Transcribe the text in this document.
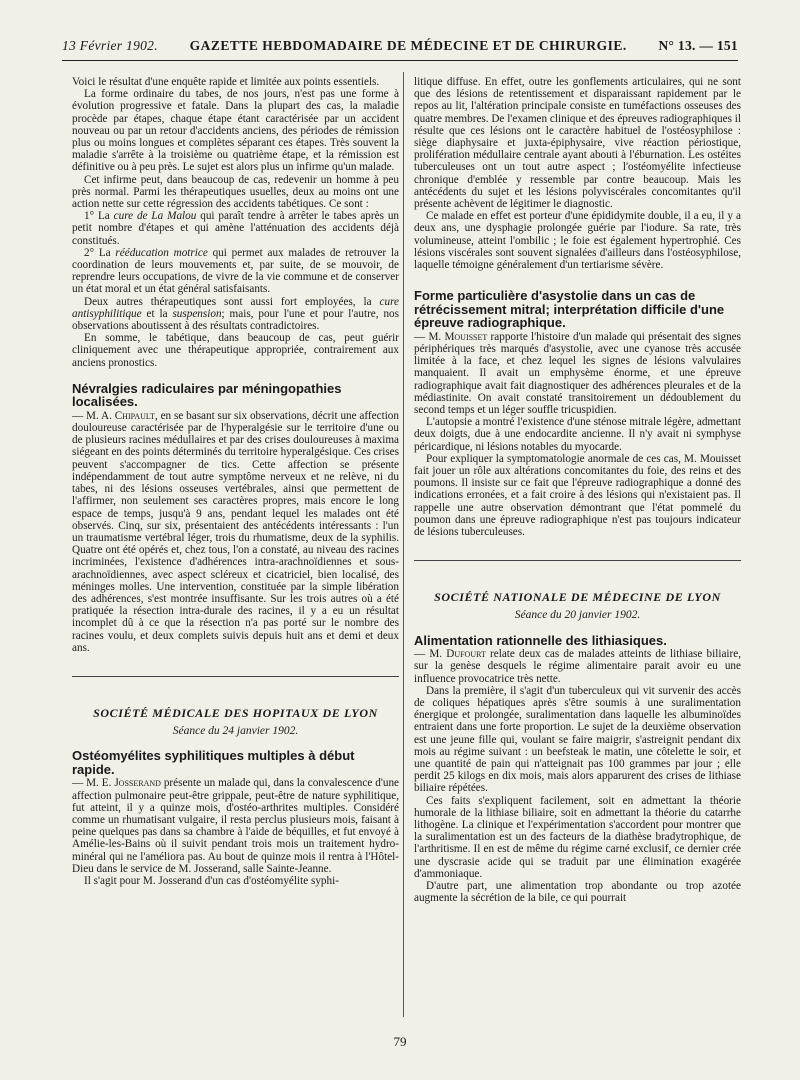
13 Février 1902. GAZETTE HEBDOMADAIRE DE MÉDECINE ET DE CHIRURGIE. N° 13. — 151

Voici le résultat d'une enquête rapide et limitée aux points essentiels.

La forme ordinaire du tabes, de nos jours, n'est pas une forme à évolution progressive et fatale. Dans la plupart des cas, la maladie procède par étapes, chaque étape étant caractérisée par un accident nouveau ou par un retour d'accidents anciens, des périodes de rémission plus ou moins longues et complètes séparant ces étapes. Très souvent la maladie s'arrête à la troisième ou quatrième étape, et la rémission est définitive ou à peu près. Le sujet est alors plus un infirme qu'un malade.

Cet infirme peut, dans beaucoup de cas, redevenir un homme à peu près normal. Parmi les thérapeutiques usuelles, deux au moins ont une action nette sur cette régression des accidents tabétiques. Ce sont :

1° La cure de La Malou qui paraît tendre à arrêter le tabes après un petit nombre d'étapes et qui amène l'atténuation des accidents déjà constitués.

2° La rééducation motrice qui permet aux malades de retrouver la coordination de leurs mouvements et, par suite, de se mouvoir, de reprendre leurs occupations, de vivre de la vie commune et de conserver un état moral et un état général satisfaisants.

Deux autres thérapeutiques sont aussi fort employées, la cure antisyphilitique et la suspension; mais, pour l'une et pour l'autre, nos observations aboutissent à des résultats contradictoires.

En somme, le tabétique, dans beaucoup de cas, peut guérir cliniquement avec une thérapeutique appropriée, contrairement aux anciens pronostics.

Névralgies radiculaires par méningopathies localisées.

— M. A. Chipault, en se basant sur six observations, décrit une affection douloureuse caractérisée par de l'hyperalgésie sur le territoire d'une ou de plusieurs racines médullaires et par des crises douloureuses à maxima siégeant en des points déterminés du territoire hyperalgésique. Ces crises peuvent s'accompagner de tics. Cette affection se présente indépendamment de tout autre symptôme nerveux et ne relève, ni du tabes, ni des lésions osseuses vertébrales, ainsi que permettent de l'affirmer, non seulement ses caractères propres, mais encore le long espace de temps, jusqu'à 9 ans, pendant lequel les malades ont été observés. Cinq, sur six, présentaient des antécédents intéressants : l'un un traumatisme vertébral léger, trois du rhumatisme, deux de la syphilis. Quatre ont été opérés et, chez tous, l'on a constaté, au niveau des racines incriminées, l'existence d'adhérences intra-arachnoïdiennes et sous-arachnoïdiennes, avec aspect scléreux et cicatriciel, bien localisé, des méninges molles. Une intervention, constituée par la simple libération des adhérences, s'est montrée insuffisante. Sur les trois autres où a été pratiquée la résection intra-durale des racines, il y a eu un résultat incomplet dû à ce que la résection n'a pas porté sur le nombre des racines voulu, et deux complets suivis depuis huit ans et demi et deux ans.

SOCIÉTÉ MÉDICALE DES HOPITAUX DE LYON
Séance du 24 janvier 1902.
Ostéomyélites syphilitiques multiples à début rapide.

— M. E. Josserand présente un malade qui, dans la convalescence d'une affection pulmonaire peut-être grippale, peut-être de nature syphilitique, fut atteint, il y a quinze mois, d'ostéo-arthrites multiples. Considéré comme un rhumatisant vulgaire, il resta perclus plusieurs mois, faisant à peine quelques pas dans sa chambre à l'aide de béquilles, et fut envoyé à Amélie-les-Bains où il suivit pendant trois mois un traitement hydro-minéral qui ne l'améliora pas. Au bout de quinze mois il rentra à l'Hôtel-Dieu dans le service de M. Josserand, salle Sainte-Jeanne.

Il s'agit pour M. Josserand d'un cas d'ostéomyélite syphi-

litique diffuse. En effet, outre les gonflements articulaires, qui ne sont que des lésions de retentissement et disparaissant rapidement par le repos au lit, l'altération principale consiste en tuméfactions osseuses des quatre membres. De l'examen clinique et des épreuves radiographiques il résulte que ces lésions ont le caractère habituel de l'ostéosyphilose : siège diaphysaire et juxta-épiphysaire, vive réaction périostique, prolifération médullaire centrale ayant abouti à l'éburnation. Les ostéites tuberculeuses ont un tout autre aspect ; l'ostéomyélite infectieuse chronique d'emblée y ressemble par contre beaucoup. Mais les antécédents du sujet et les lésions polyviscérales concomitantes qu'il présente achèvent de légitimer le diagnostic.

Ce malade en effet est porteur d'une épididymite double, il a eu, il y a deux ans, une dysphagie prolongée guérie par l'iodure. Sa rate, très volumineuse, atteint l'ombilic ; le foie est également hypertrophié. Ces lésions viscérales sont souvent signalées d'ailleurs dans l'ostéosyphilose, laquelle témoigne généralement d'un tertiarisme sévère.

Forme particulière d'asystolie dans un cas de rétrécissement mitral; interprétation difficile d'une épreuve radiographique.

— M. Mouisset rapporte l'histoire d'un malade qui présentait des signes périphériques très marqués d'asystolie, avec une cyanose très accusée limitée à la face, et chez lequel les signes de lésions valvulaires manquaient. Il avait un emphysème énorme, et une épreuve radiographique avait fait diagnostiquer des adhérences pleurales et de la médiastinite. On avait constaté transitoirement un dédoublement du second temps et un léger souffle tricuspidien.

L'autopsie a montré l'existence d'une sténose mitrale légère, admettant deux doigts, due à une endocardite ancienne. Il n'y avait ni symphyse péricardique, ni lésions notables du myocarde.

Pour expliquer la symptomatologie anormale de ces cas, M. Mouisset fait jouer un rôle aux altérations concomitantes du foie, des reins et des poumons. Il insiste sur ce fait que l'épreuve radiographique a donné des indications erronées, et a fait croire à des lésions qui n'existaient pas. Il rappelle une autre observation démontrant que l'état pommelé du poumon dans une épreuve radiographique n'est pas toujours indicateur de lésions tuberculeuses.

SOCIÉTÉ NATIONALE DE MÉDECINE DE LYON
Séance du 20 janvier 1902.
Alimentation rationnelle des lithiasiques.

— M. Dufourt relate deux cas de malades atteints de lithiase biliaire, sur la genèse desquels le régime alimentaire parait avoir eu une influence provocatrice très nette.

Dans la première, il s'agit d'un tuberculeux qui vit survenir des accès de coliques hépatiques après s'être soumis à une suralimentation énergique et prolongée, suralimentation dans laquelle les albuminoïdes entraient dans une forte proportion. Le sujet de la deuxième observation est une jeune fille qui, voulant se faire maigrir, s'astreignit pendant dix mois au régime suivant : un beefsteak le matin, une côtelette le soir, et une quantité de pain qui n'atteignait pas 100 grammes par jour ; elle perdit 25 kilogs en dix mois, mais alors apparurent des crises de lithiase biliaire répétées.

Ces faits s'expliquent facilement, soit en admettant la théorie humorale de la lithiase biliaire, soit en admettant la théorie du catarrhe lithogène. La clinique et l'expérimentation s'accordent pour montrer que la suralimentation est un des facteurs de la diathèse bradytrophique, de l'arthritisme. Il en est de même du régime carné exclusif, ce dernier crée une dyscrasie acide qui se traduit par une élimination exagérée d'ammoniaque.

D'autre part, une alimentation trop abondante ou trop azotée augmente la sécrétion de la bile, ce qui pourrait

79
